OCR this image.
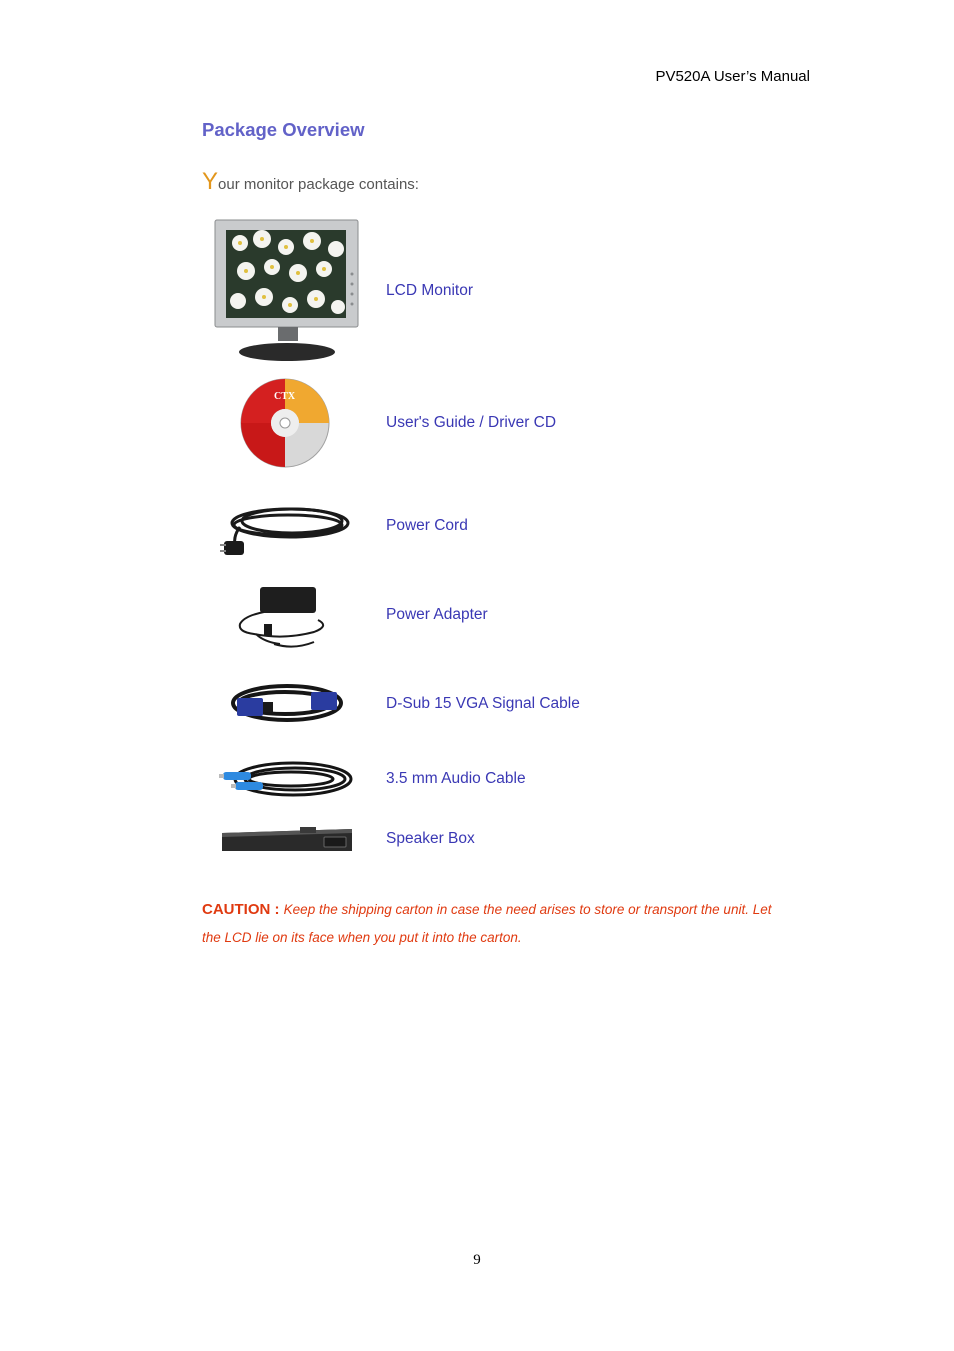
PV520A User’s Manual
Package Overview
Your monitor package contains:
LCD Monitor
CTX
User's Guide / Driver CD
Power Cord
Power Adapter
D-Sub 15 VGA Signal Cable
3.5 mm Audio Cable
Speaker Box
CAUTION : Keep the shipping carton in case the need arises to store or transport the unit. Let the LCD lie on its face when you put it into the carton.
9
